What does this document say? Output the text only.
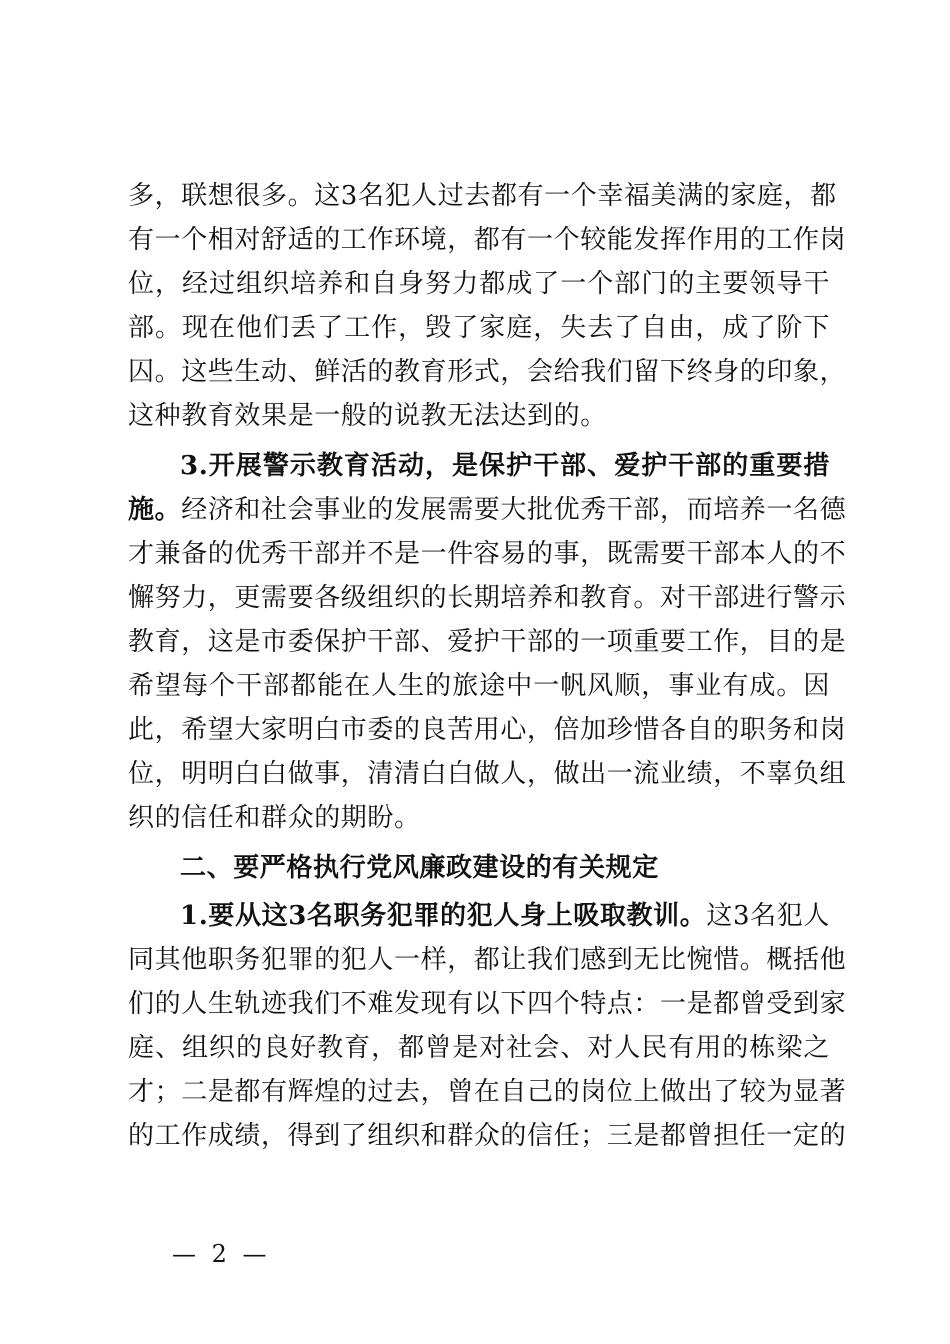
多，联想很多。这3名犯人过去都有一个幸福美满的家庭，都
有一个相对舒适的工作环境，都有一个较能发挥作用的工作岗
位，经过组织培养和自身努力都成了一个部门的主要领导干
部。现在他们丢了工作，毁了家庭，失去了自由，成了阶下
囚。这些生动、鲜活的教育形式，会给我们留下终身的印象，
这种教育效果是一般的说教无法达到的。
3.开展警示教育活动，是保护干部、爱护干部的重要措
施。经济和社会事业的发展需要大批优秀干部，而培养一名德
才兼备的优秀干部并不是一件容易的事，既需要干部本人的不
懈努力，更需要各级组织的长期培养和教育。对干部进行警示
教育，这是市委保护干部、爱护干部的一项重要工作，目的是
希望每个干部都能在人生的旅途中一帆风顺，事业有成。因
此，希望大家明白市委的良苦用心，倍加珍惜各自的职务和岗
位，明明白白做事，清清白白做人，做出一流业绩，不辜负组
织的信任和群众的期盼。
二、要严格执行党风廉政建设的有关规定
1.要从这3名职务犯罪的犯人身上吸取教训。这3名犯人
同其他职务犯罪的犯人一样，都让我们感到无比惋惜。概括他
们的人生轨迹我们不难发现有以下四个特点：一是都曾受到家
庭、组织的良好教育，都曾是对社会、对人民有用的栋梁之
才；二是都有辉煌的过去，曾在自己的岗位上做出了较为显著
的工作成绩，得到了组织和群众的信任；三是都曾担任一定的
— 2 —
